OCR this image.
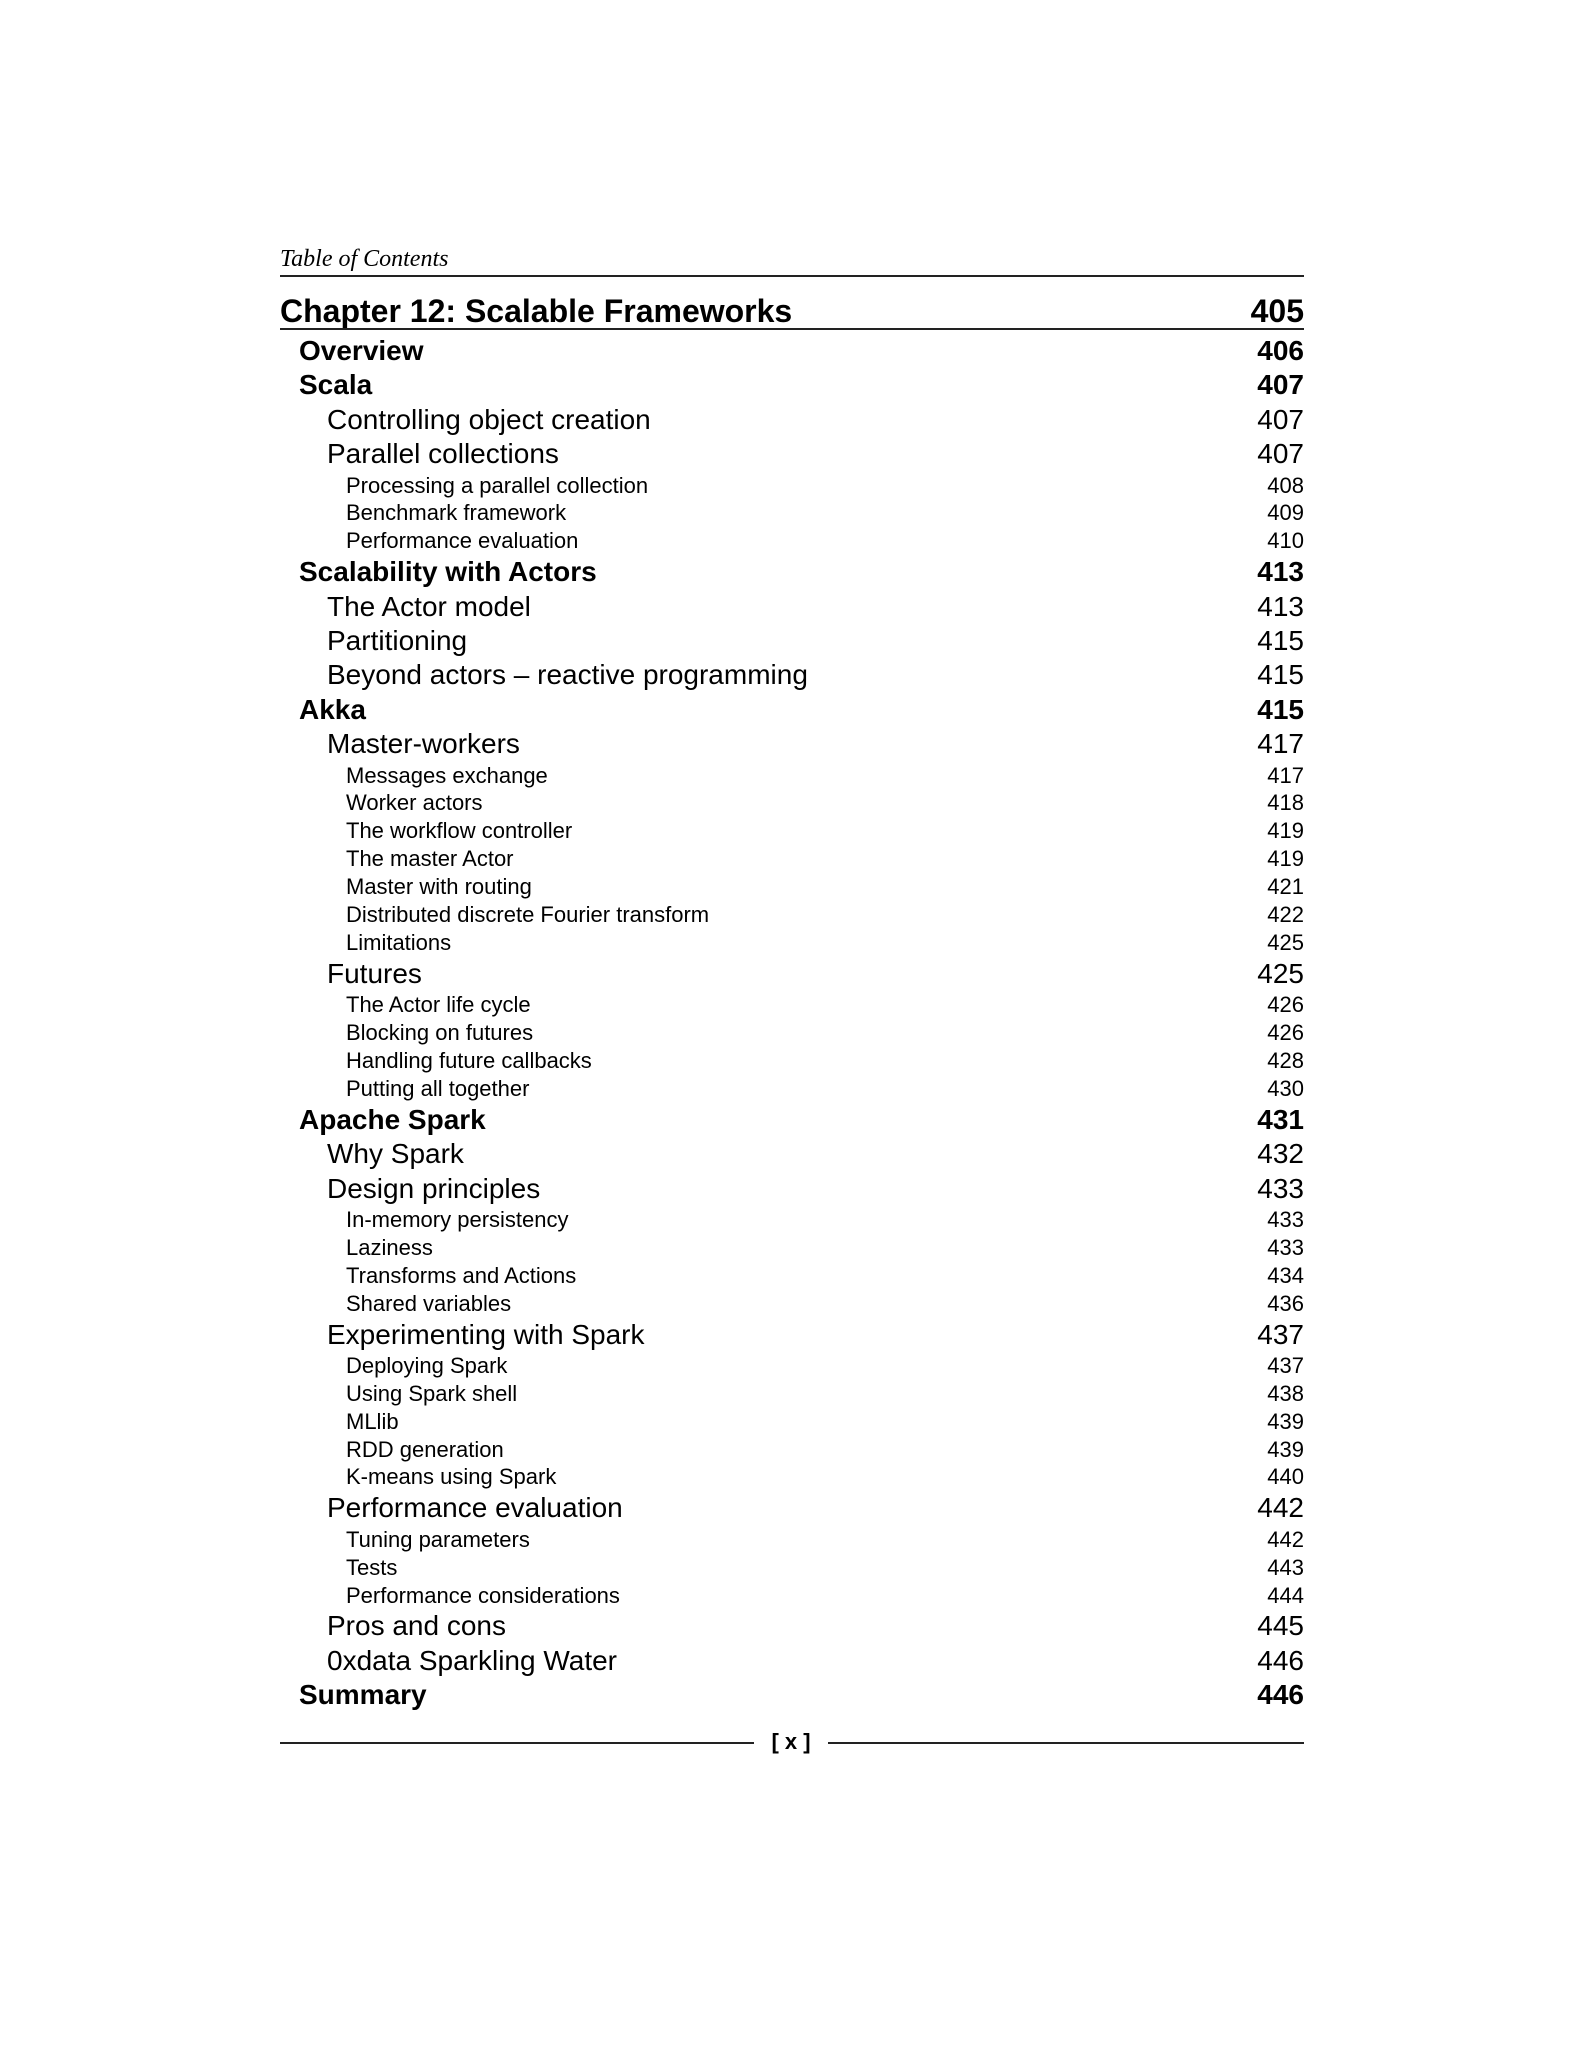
Table of Contents
Chapter 12: Scalable Frameworks	405
Overview	406
Scala	407
Controlling object creation	407
Parallel collections	407
Processing a parallel collection	408
Benchmark framework	409
Performance evaluation	410
Scalability with Actors	413
The Actor model	413
Partitioning	415
Beyond actors – reactive programming	415
Akka	415
Master-workers	417
Messages exchange	417
Worker actors	418
The workflow controller	419
The master Actor	419
Master with routing	421
Distributed discrete Fourier transform	422
Limitations	425
Futures	425
The Actor life cycle	426
Blocking on futures	426
Handling future callbacks	428
Putting all together	430
Apache Spark	431
Why Spark	432
Design principles	433
In-memory persistency	433
Laziness	433
Transforms and Actions	434
Shared variables	436
Experimenting with Spark	437
Deploying Spark	437
Using Spark shell	438
MLlib	439
RDD generation	439
K-means using Spark	440
Performance evaluation	442
Tuning parameters	442
Tests	443
Performance considerations	444
Pros and cons	445
0xdata Sparkling Water	446
Summary	446
[ x ]
